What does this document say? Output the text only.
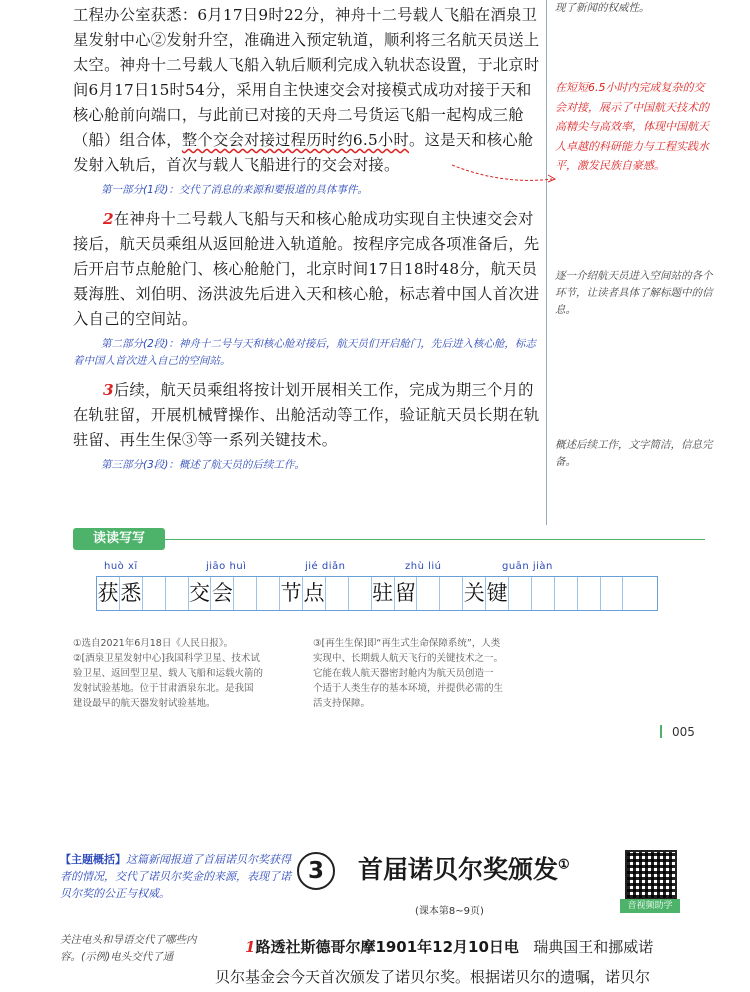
现了新闻的权威性。

工程办公室获悉：6月17日9时22分，神舟十二号载人飞船在酒泉卫星发射中心②发射升空，准确进入预定轨道，顺利将三名航天员送上太空。神舟十二号载人飞船入轨后顺利完成入轨状态设置，于北京时间6月17日15时54分，采用自主快速交会对接模式成功对接于天和核心舱前向端口，与此前已对接的天舟二号货运飞船一起构成三舱（船）组合体，整个交会对接过程历时约6.5小时。这是天和核心舱发射入轨后，首次与载人飞船进行的交会对接。

第一部分(1段)：交代了消息的来源和要报道的具体事件。

2在神舟十二号载人飞船与天和核心舱成功实现自主快速交会对接后，航天员乘组从返回舱进入轨道舱。按程序完成各项准备后，先后开启节点舱舱门、核心舱舱门，北京时间17日18时48分，航天员聂海胜、刘伯明、汤洪波先后进入天和核心舱，标志着中国人首次进入自己的空间站。

第二部分(2段)：神舟十二号与天和核心舱对接后，航天员们开启舱门，先后进入核心舱，标志着中国人首次进入自己的空间站。

3后续，航天员乘组将按计划开展相关工作，完成为期三个月的在轨驻留，开展机械臂操作、出舱活动等工作，验证航天员长期在轨驻留、再生生保③等一系列关键技术。

第三部分(3段)：概述了航天员的后续工作。

在短短6.5小时内完成复杂的交会对接，展示了中国航天技术的高精尖与高效率，体现中国航天人卓越的科研能力与工程实践水平，激发民族自豪感。
逐一介绍航天员进入空间站的各个环节，让读者具体了解标题中的信息。
概述后续工作，文字简洁，信息完备。
读读写写
huò xī	jiāo huì	jié diǎn	zhù liú	guān jiàn
获 悉 交 会 节 点 驻 留 关 键
①选自2021年6月18日《人民日报》。
②[酒泉卫星发射中心]我国科学卫星、技术试
验卫星、返回型卫星、载人飞船和运载火箭的
发射试验基地。位于甘肃酒泉东北。是我国
建设最早的航天器发射试验基地。
③[再生生保]即“再生式生命保障系统”，人类
实现中、长期载人航天飞行的关键技术之一。
它能在载人航天器密封舱内为航天员创造一
个适于人类生存的基本环境，并提供必需的生
活支持保障。
005
【主题概括】这篇新闻报道了首届诺贝尔奖获得者的情况，交代了诺贝尔奖金的来源，表现了诺贝尔奖的公正与权威。
3	首届诺贝尔奖颁发①
(课本第8~9页)	音视频助学
关注电头和导语交代了哪些内容。(示例)电头交代了通
1路透社斯德哥尔摩1901年12月10日电 瑞典国王和挪威诺
贝尔基金会今天首次颁发了诺贝尔奖。根据诺贝尔的遗嘱，诺贝尔
